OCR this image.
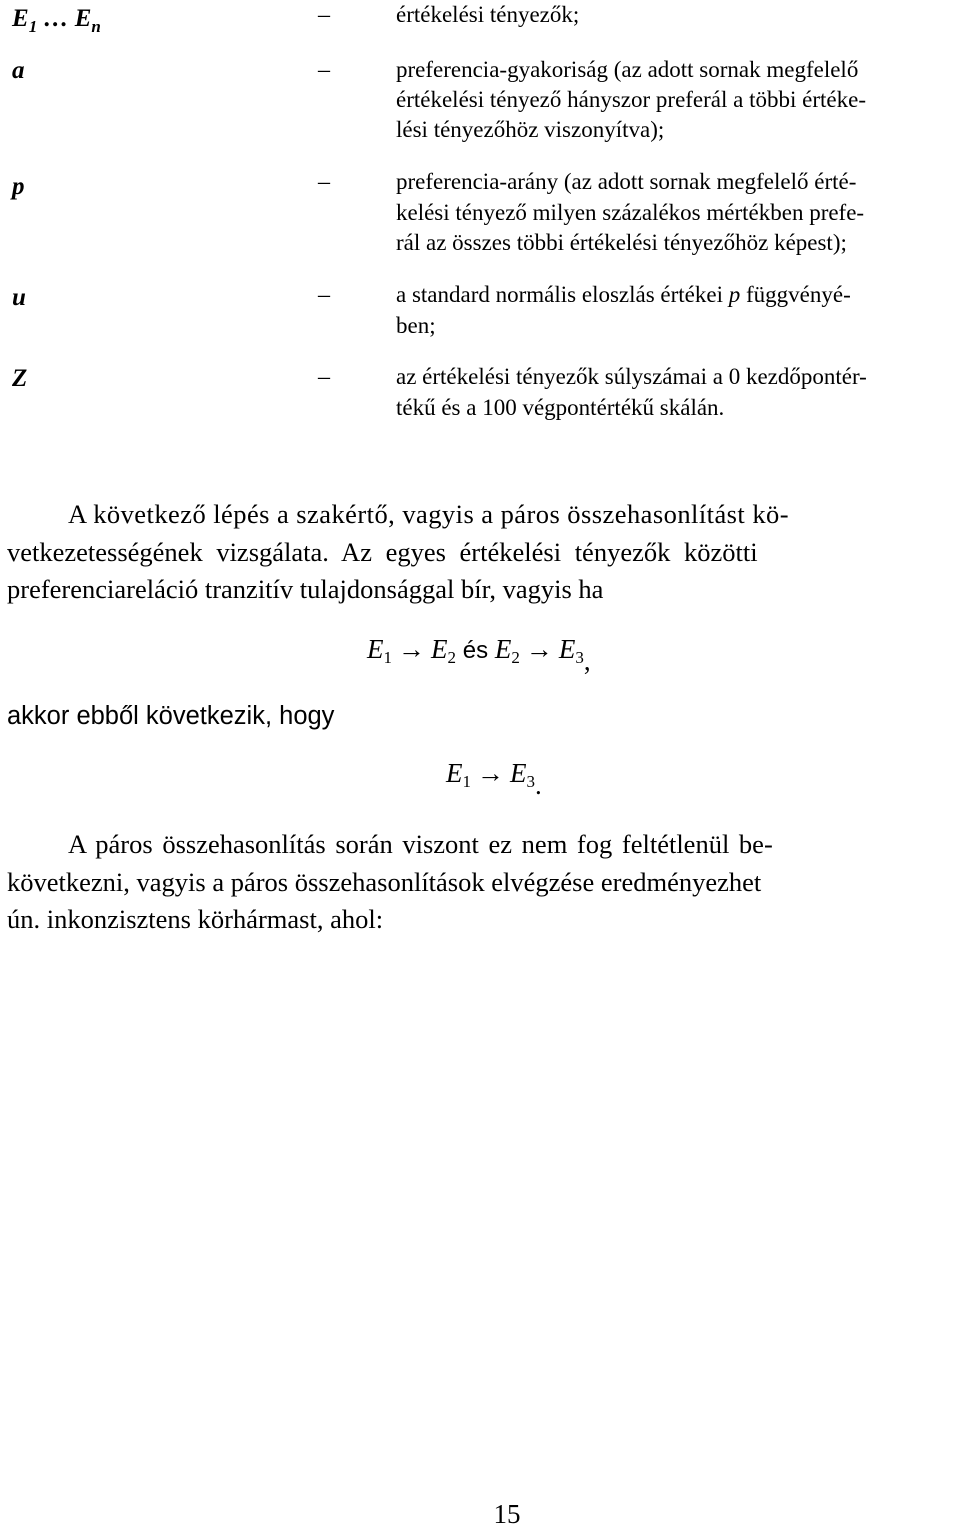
$E_1$ … $E_n$	–	értékelési tényezők;
a	–	preferencia-gyakoriság (az adott sornak megfelelő
értékelési tényező hányszor preferál a többi értéke-
lési tényezőhöz viszonyítva);
p	–	preferencia-arány (az adott sornak megfelelő érté-
kelési tényező milyen százalékos mértékben prefe-
rál az összes többi értékelési tényezőhöz képest);
u	–	a standard normális eloszlás értékei p függvényé-
ben;
Z	–	az értékelési tényezők súlyszámai a 0 kezdőpontér-
tékű és a 100 végpontértékű skálán.
A következő lépés a szakértő, vagyis a páros összehasonlítást kö-
vetkezetességének vizsgálata. Az egyes értékelési tényezők közötti
preferenciareláció tranzitív tulajdonsággal bír, vagyis ha
$E_1 \to E_2$ és $E_2 \to E_3$,
akkor ebből következik, hogy
$E_1 \to E_3$.
A páros összehasonlítás során viszont ez nem fog feltétlenül be-
következni, vagyis a páros összehasonlítások elvégzése eredményezhet
ún. inkonzisztens körhármast, ahol:
15
